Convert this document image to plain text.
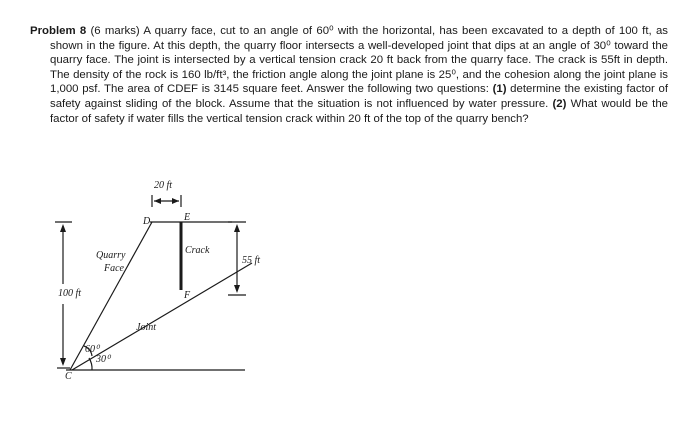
Problem 8 (6 marks) A quarry face, cut to an angle of 60⁰ with the horizontal, has been excavated to a depth of 100 ft, as shown in the figure. At this depth, the quarry floor intersects a well-developed joint that dips at an angle of 30⁰ toward the quarry face. The joint is intersected by a vertical tension crack 20 ft back from the quarry face. The crack is 55ft in depth. The density of the rock is 160 lb/ft³, the friction angle along the joint plane is 25⁰, and the cohesion along the joint plane is 1,000 psf. The area of CDEF is 3145 square feet. Answer the following two questions: (1) determine the existing factor of safety against sliding of the block. Assume that the situation is not influenced by water pressure. (2) What would be the factor of safety if water fills the vertical tension crack within 20 ft of the top of the quarry bench?
20 ft
D	E
F
C
Quarry
Face
Crack
55 ft
100 ft
Joint
60⁰
30⁰
